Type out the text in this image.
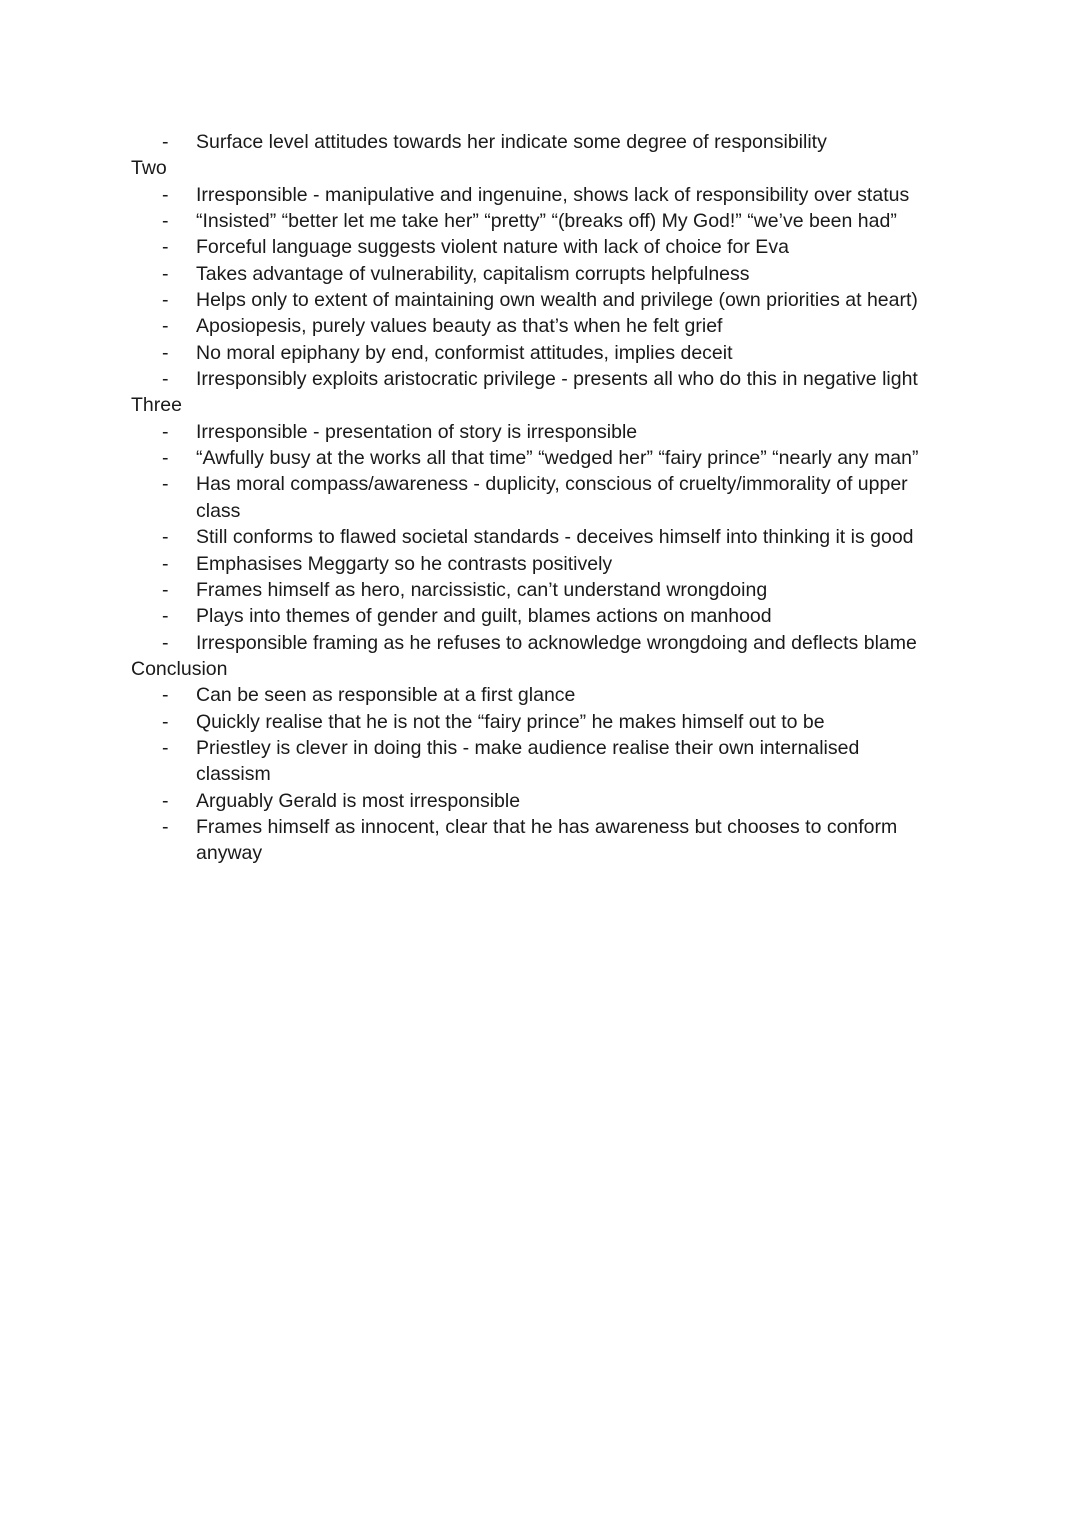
- Surface level attitudes towards her indicate some degree of responsibility
Two
- Irresponsible - manipulative and ingenuine, shows lack of responsibility over status
- “Insisted” “better let me take her” “pretty” “(breaks off) My God!” “we’ve been had”
- Forceful language suggests violent nature with lack of choice for Eva
- Takes advantage of vulnerability, capitalism corrupts helpfulness
- Helps only to extent of maintaining own wealth and privilege (own priorities at heart)
- Aposiopesis, purely values beauty as that’s when he felt grief
- No moral epiphany by end, conformist attitudes, implies deceit
- Irresponsibly exploits aristocratic privilege - presents all who do this in negative light
Three
- Irresponsible - presentation of story is irresponsible
- “Awfully busy at the works all that time” “wedged her” “fairy prince” “nearly any man”
- Has moral compass/awareness - duplicity, conscious of cruelty/immorality of upper
class
- Still conforms to flawed societal standards - deceives himself into thinking it is good
- Emphasises Meggarty so he contrasts positively
- Frames himself as hero, narcissistic, can’t understand wrongdoing
- Plays into themes of gender and guilt, blames actions on manhood
- Irresponsible framing as he refuses to acknowledge wrongdoing and deflects blame
Conclusion
- Can be seen as responsible at a first glance
- Quickly realise that he is not the “fairy prince” he makes himself out to be
- Priestley is clever in doing this - make audience realise their own internalised
classism
- Arguably Gerald is most irresponsible
- Frames himself as innocent, clear that he has awareness but chooses to conform
anyway
